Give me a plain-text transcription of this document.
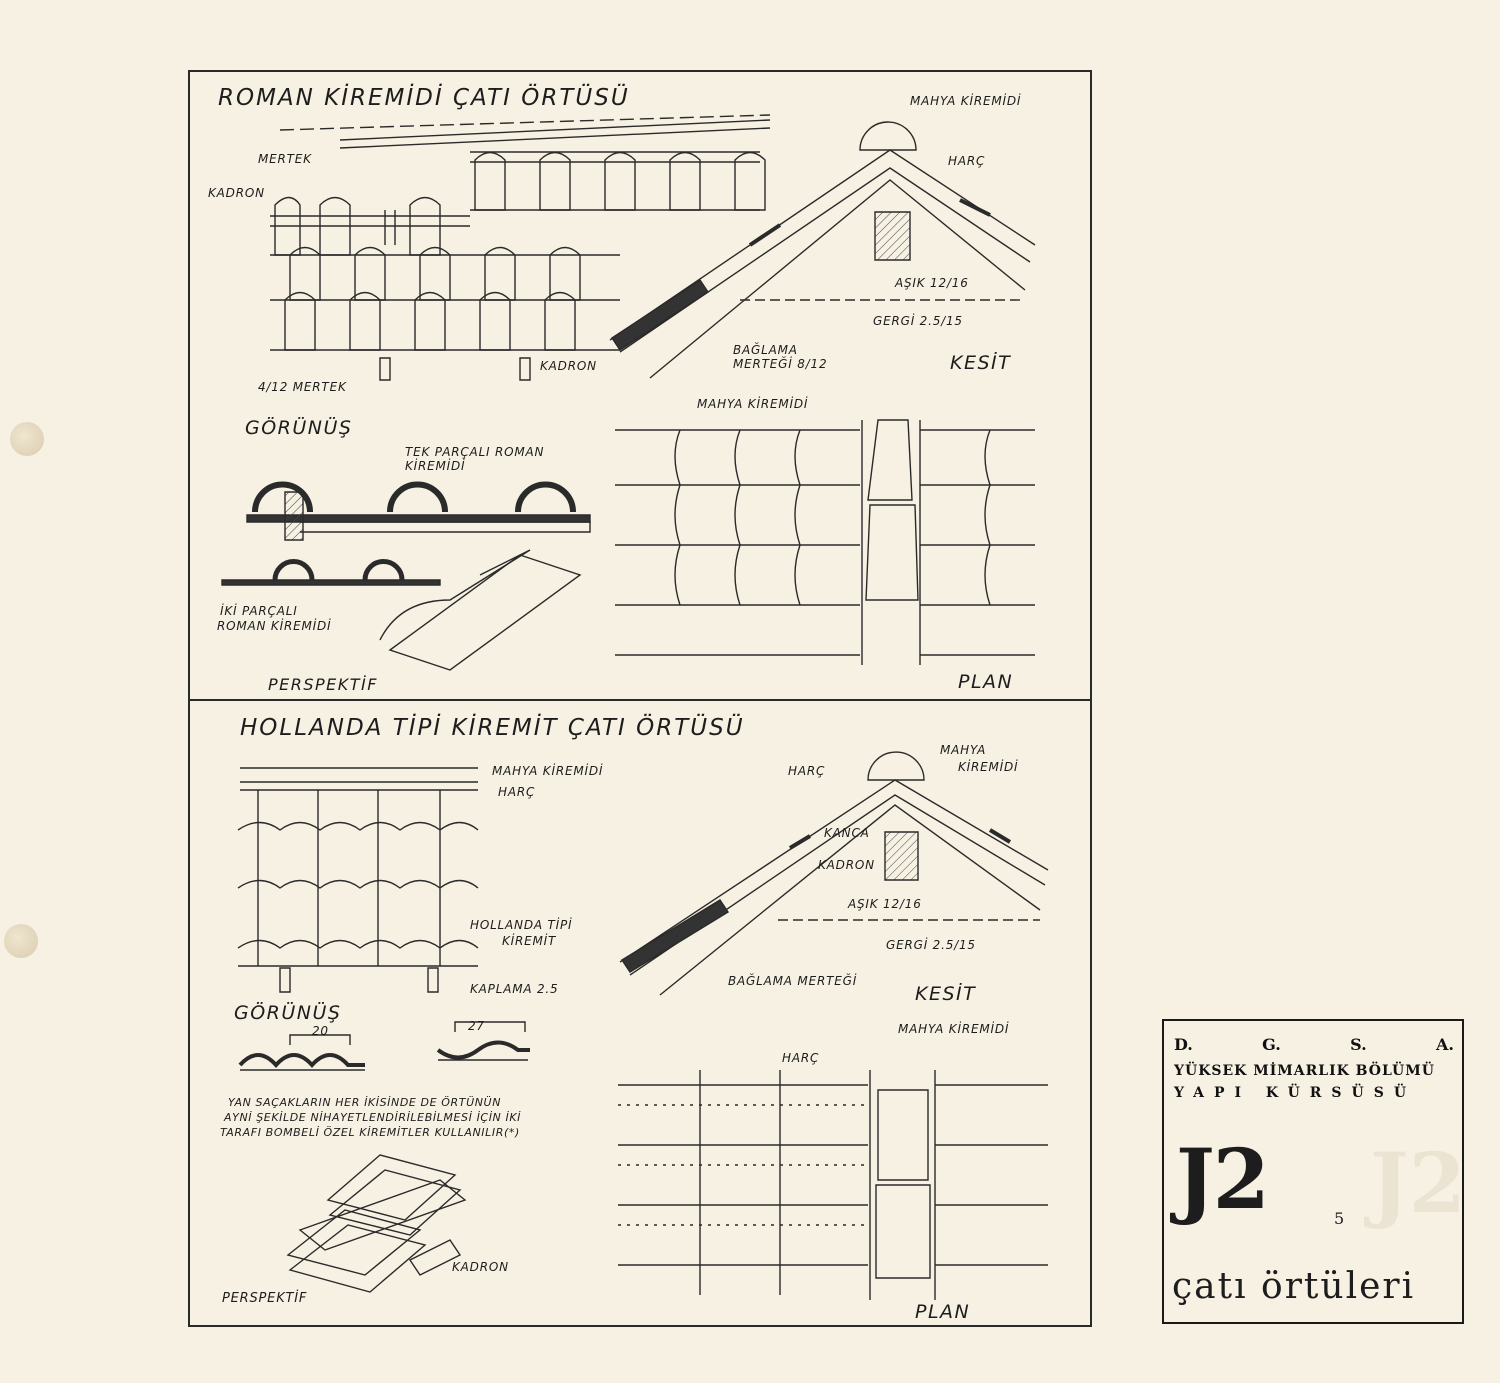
ROMAN KİREMİDİ ÇATI ÖRTÜSÜ
MERTEK
KADRON
4/12 MERTEK
KADRON
MAHYA KİREMİDİ
HARÇ
AŞIK 12/16
GERGİ 2.5/15
BAĞLAMA
MERTEĞİ 8/12	KESİT
GÖRÜNÜŞ
TEK PARÇALI ROMAN
KİREMİDİ
İKİ PARÇALI
ROMAN KİREMİDİ
PERSPEKTİF
MAHYA KİREMİDİ
PLAN
HOLLANDA TİPİ KİREMİT ÇATI ÖRTÜSÜ
MAHYA KİREMİDİ
HARÇ
HOLLANDA TİPİ
KİREMİT
KAPLAMA 2.5
GÖRÜNÜŞ
20	27
HARÇ
MAHYA
KİREMİDİ
KANCA
KADRON
AŞIK 12/16
GERGİ 2.5/15
BAĞLAMA MERTEĞİ
KESİT
YAN SAÇAKLARIN HER İKİSİNDE DE ÖRTÜNÜN
AYNİ ŞEKİLDE NİHAYETLENDİRİLEBİLMESİ İÇİN İKİ
TARAFI BOMBELİ ÖZEL KİREMİTLER KULLANILIR(*)
KADRON
PERSPEKTİF
MAHYA KİREMİDİ
HARÇ
PLAN
D.	G.	S.	A.
YÜKSEK MİMARLIK BÖLÜMÜ
YAPI KÜRSÜSÜ
J2
J2	5
çatı örtüleri
